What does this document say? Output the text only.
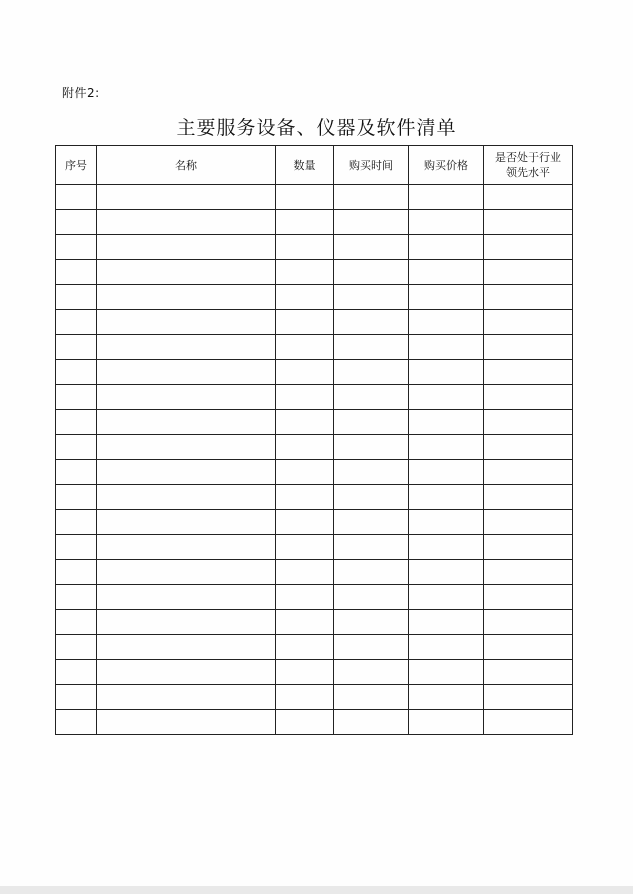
附件2:
主要服务设备、仪器及软件清单
序号	名称	数量	购买时间	购买价格	是否处于行业
领先水平
